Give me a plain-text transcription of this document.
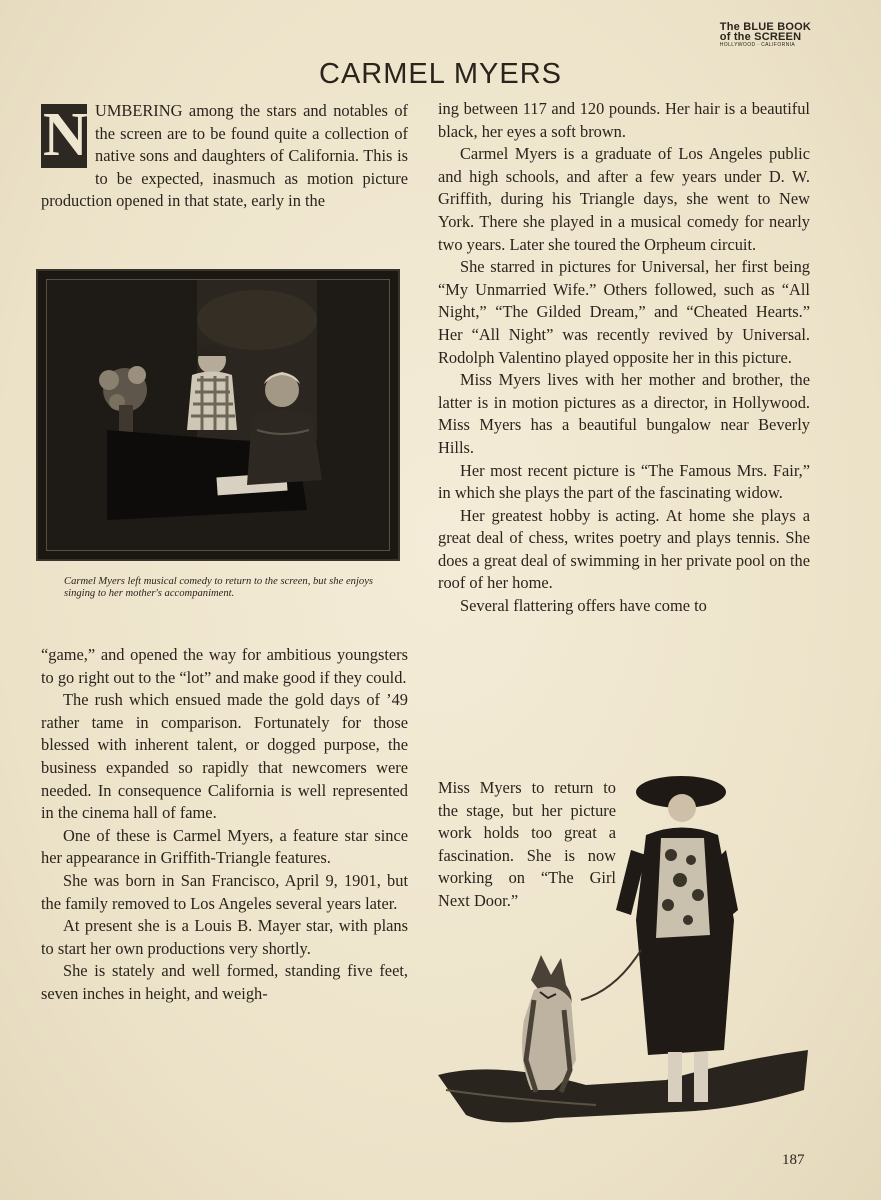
The BLUE BOOK
of the SCREEN
HOLLYWOOD · CALIFORNIA
CARMEL MYERS
N UMBERING among the stars and notables of the screen are to be found quite a collection of native sons and daughters of California. This is to be expected, inasmuch as motion picture production opened in that state, early in the

Carmel Myers left musical comedy to return to the screen, but she enjoys singing to her mother's accompaniment.

“game,” and opened the way for ambitious youngsters to go right out to the “lot” and make good if they could.

The rush which ensued made the gold days of ’49 rather tame in comparison. Fortunately for those blessed with inherent talent, or dogged purpose, the business expanded so rapidly that newcomers were needed. In consequence California is well represented in the cinema hall of fame.

One of these is Carmel Myers, a feature star since her appearance in Griffith-Triangle features.

She was born in San Francisco, April 9, 1901, but the family removed to Los Angeles several years later.

At present she is a Louis B. Mayer star, with plans to start her own productions very shortly.

She is stately and well formed, standing five feet, seven inches in height, and weigh-

ing between 117 and 120 pounds. Her hair is a beautiful black, her eyes a soft brown.

Carmel Myers is a graduate of Los Angeles public and high schools, and after a few years under D. W. Griffith, during his Triangle days, she went to New York. There she played in a musical comedy for nearly two years. Later she toured the Orpheum circuit.

She starred in pictures for Universal, her first being “My Unmarried Wife.” Others followed, such as “All Night,” “The Gilded Dream,” and “Cheated Hearts.” Her “All Night” was recently revived by Universal. Rodolph Valentino played opposite her in this picture.

Miss Myers lives with her mother and brother, the latter is in motion pictures as a director, in Hollywood. Miss Myers has a beautiful bungalow near Beverly Hills.

Her most recent picture is “The Famous Mrs. Fair,” in which she plays the part of the fascinating widow.

Her greatest hobby is acting. At home she plays a great deal of chess, writes poetry and plays tennis. She does a great deal of swimming in her private pool on the roof of her home.

Several flattering offers have come to

Miss Myers to return to the stage, but her picture work holds too great a fascination. She is now working on “The Girl Next Door.”

187
